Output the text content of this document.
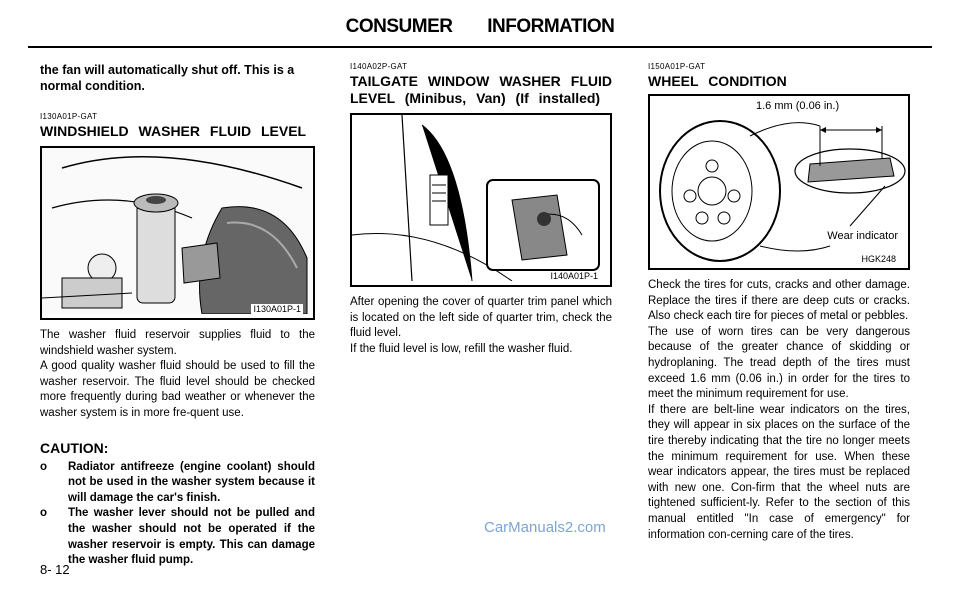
CONSUMER INFORMATION

the fan will automatically shut off. This is a normal condition.

I130A01P-GAT

WINDSHIELD WASHER FLUID LEVEL

I130A01P-1

The washer fluid reservoir supplies fluid to the windshield washer system.

A good quality washer fluid should be used to fill the washer reservoir. The fluid level should be checked more frequently during bad weather or whenever the washer system is in more fre-quent use.

CAUTION:

o Radiator antifreeze (engine coolant) should not be used in the washer system because it will damage the car's finish.

o The washer lever should not be pulled and the washer should not be operated if the washer reservoir is empty. This can damage the washer fluid pump.

I140A02P-GAT

TAILGATE WINDOW WASHER FLUID LEVEL (Minibus, Van) (If installed)

I140A01P-1

After opening the cover of quarter trim panel which is located on the left side of quarter trim, check the fluid level.

If the fluid level is low, refill the washer fluid.

I150A01P-GAT

WHEEL CONDITION

1.6 mm (0.06 in.)
Wear indicator
HGK248

Check the tires for cuts, cracks and other damage. Replace the tires if there are deep cuts or cracks. Also check each tire for pieces of metal or pebbles.

The use of worn tires can be very dangerous because of the greater chance of skidding or hydroplaning. The tread depth of the tires must exceed 1.6 mm (0.06 in.) in order for the tires to meet the minimum requirement for use.

If there are belt-line wear indicators on the tires, they will appear in six places on the surface of the tire thereby indicating that the tire no longer meets the minimum requirement for use. When these wear indicators appear, the tires must be replaced with new one. Con-firm that the wheel nuts are tightened sufficient-ly. Refer to the section of this manual entitled "In case of emergency" for information con-cerning care of the tires.

CarManuals2.com
8- 12
